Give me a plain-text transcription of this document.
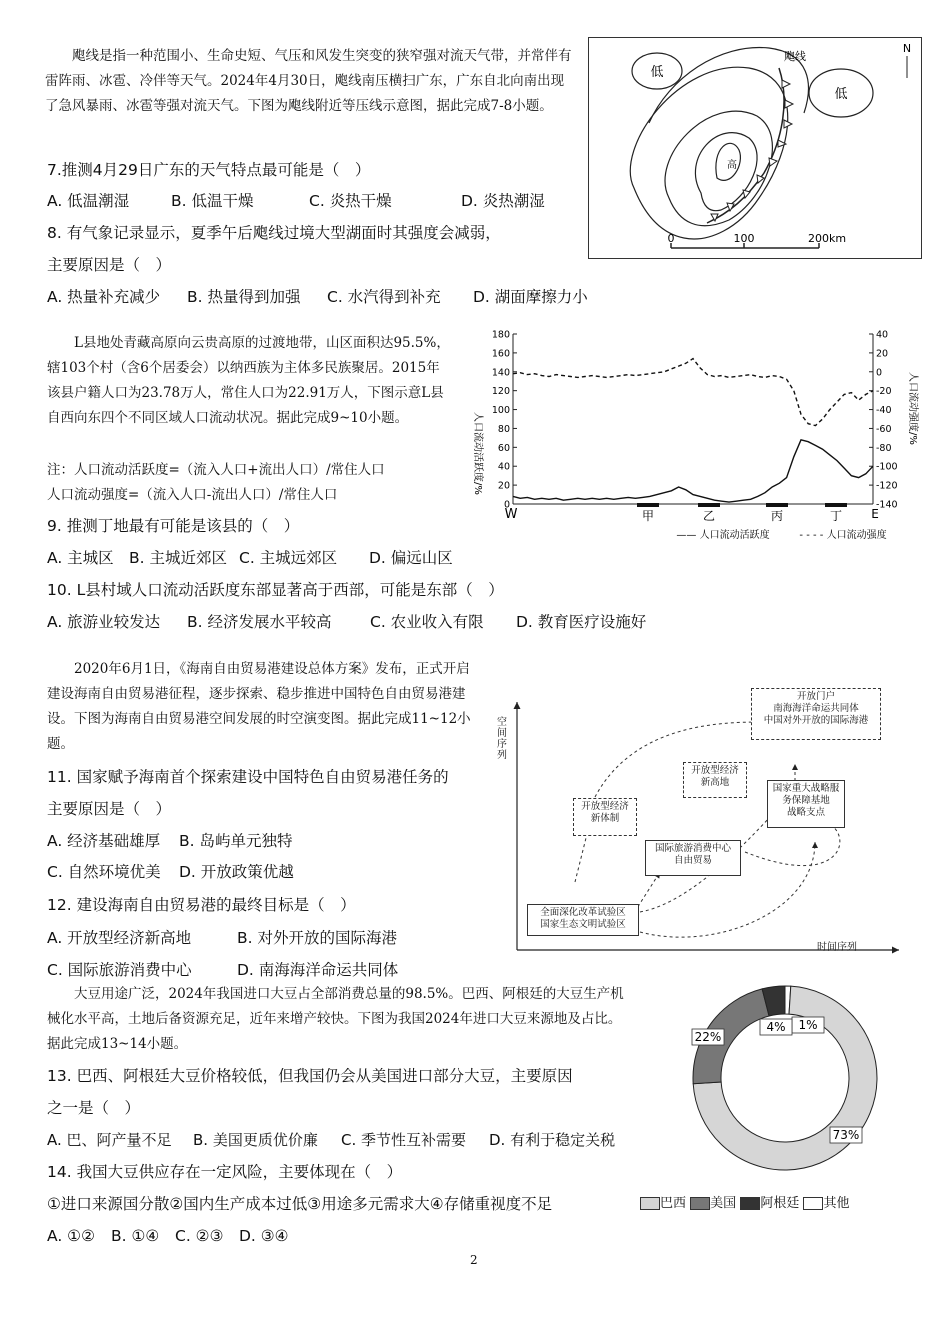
飑线是指一种范围小、生命史短、气压和风发生突变的狭窄强对流天气带，并常伴有雷阵雨、冰雹、冷伴等天气。2024年4月30日，飑线南压横扫广东，广东自北向南出现了急风暴雨、冰雹等强对流天气。下图为飑线附近等压线示意图，据此完成7-8小题。

低
低
飑线
高
N
0	100	200km
7.推测4月29日广东的天气特点最可能是（　）
A. 低温潮湿	B. 低温干燥	C. 炎热干燥	D. 炎热潮湿
8. 有气象记录显示，夏季午后飑线过境大型湖面时其强度会减弱，
主要原因是（　）
A. 热量补充减少 B. 热量得到加强 C. 水汽得到补充 D. 湖面摩擦力小

L县地处青藏高原向云贵高原的过渡地带，山区面积达95.5%，辖103个村（含6个居委会）以纳西族为主体多民族聚居。2015年该县户籍人口为23.78万人，常住人口为22.91万人，下图示意L县自西向东四个不同区域人口流动状况。据此完成9~10小题。

注：人口流动活跃度=（流入人口+流出人口）/常住人口
人口流动强度=（流入人口-流出人口）/常住人口
人口流动活跃度/%
人口流动强度/%
180
160
140
120
100
80
60
40
20
0
40
20
0
-20
-40
-60
-80
-100
-120
-140
W	E
甲	乙	丙	丁
—— 人口流动活跃度	- - - - 人口流动强度
9. 推测丁地最有可能是该县的（　）
A. 主城区 B. 主城近郊区 C. 主城远郊区 D. 偏远山区
10. L县村域人口流动活跃度东部显著高于西部，可能是东部（　）
A. 旅游业较发达 B. 经济发展水平较高 C. 农业收入有限 D. 教育医疗设施好

2020年6月1日，《海南自由贸易港建设总体方案》发布，正式开启建设海南自由贸易港征程，逐步探索、稳步推进中国特色自由贸易港建设。下图为海南自由贸易港空间发展的时空演变图。据此完成11~12小题。

空间序列
时间序列
开放门户
南海海洋命运共同体
中国对外开放的国际海港
开放型经济新高地
国家重大战略服务保障基地
战略支点
开放型经济新体制
国际旅游消费中心
自由贸易
全面深化改革试验区
国家生态文明试验区
11. 国家赋予海南首个探索建设中国特色自由贸易港任务的
主要原因是（　）
A. 经济基础雄厚 B. 岛屿单元独特
C. 自然环境优美 D. 开放政策优越
12. 建设海南自由贸易港的最终目标是（　）
A. 开放型经济新高地	B. 对外开放的国际海港
C. 国际旅游消费中心	D. 南海海洋命运共同体

大豆用途广泛，2024年我国进口大豆占全部消费总量的98.5%。巴西、阿根廷的大豆生产机械化水平高，土地后备资源充足，近年来增产较快。下图为我国2024年进口大豆来源地及占比。据此完成13~14小题。

1%
73%
22%
4%
巴西 美国 阿根廷 其他
13. 巴西、阿根廷大豆价格较低，但我国仍会从美国进口部分大豆，主要原因
之一是（　）
A. 巴、阿产量不足 B. 美国更质优价廉 C. 季节性互补需要 D. 有利于稳定关税
14. 我国大豆供应存在一定风险，主要体现在（　）
①进口来源国分散②国内生产成本过低③用途多元需求大④存储重视度不足
A. ①② B. ①④ C. ②③ D. ③④
2
